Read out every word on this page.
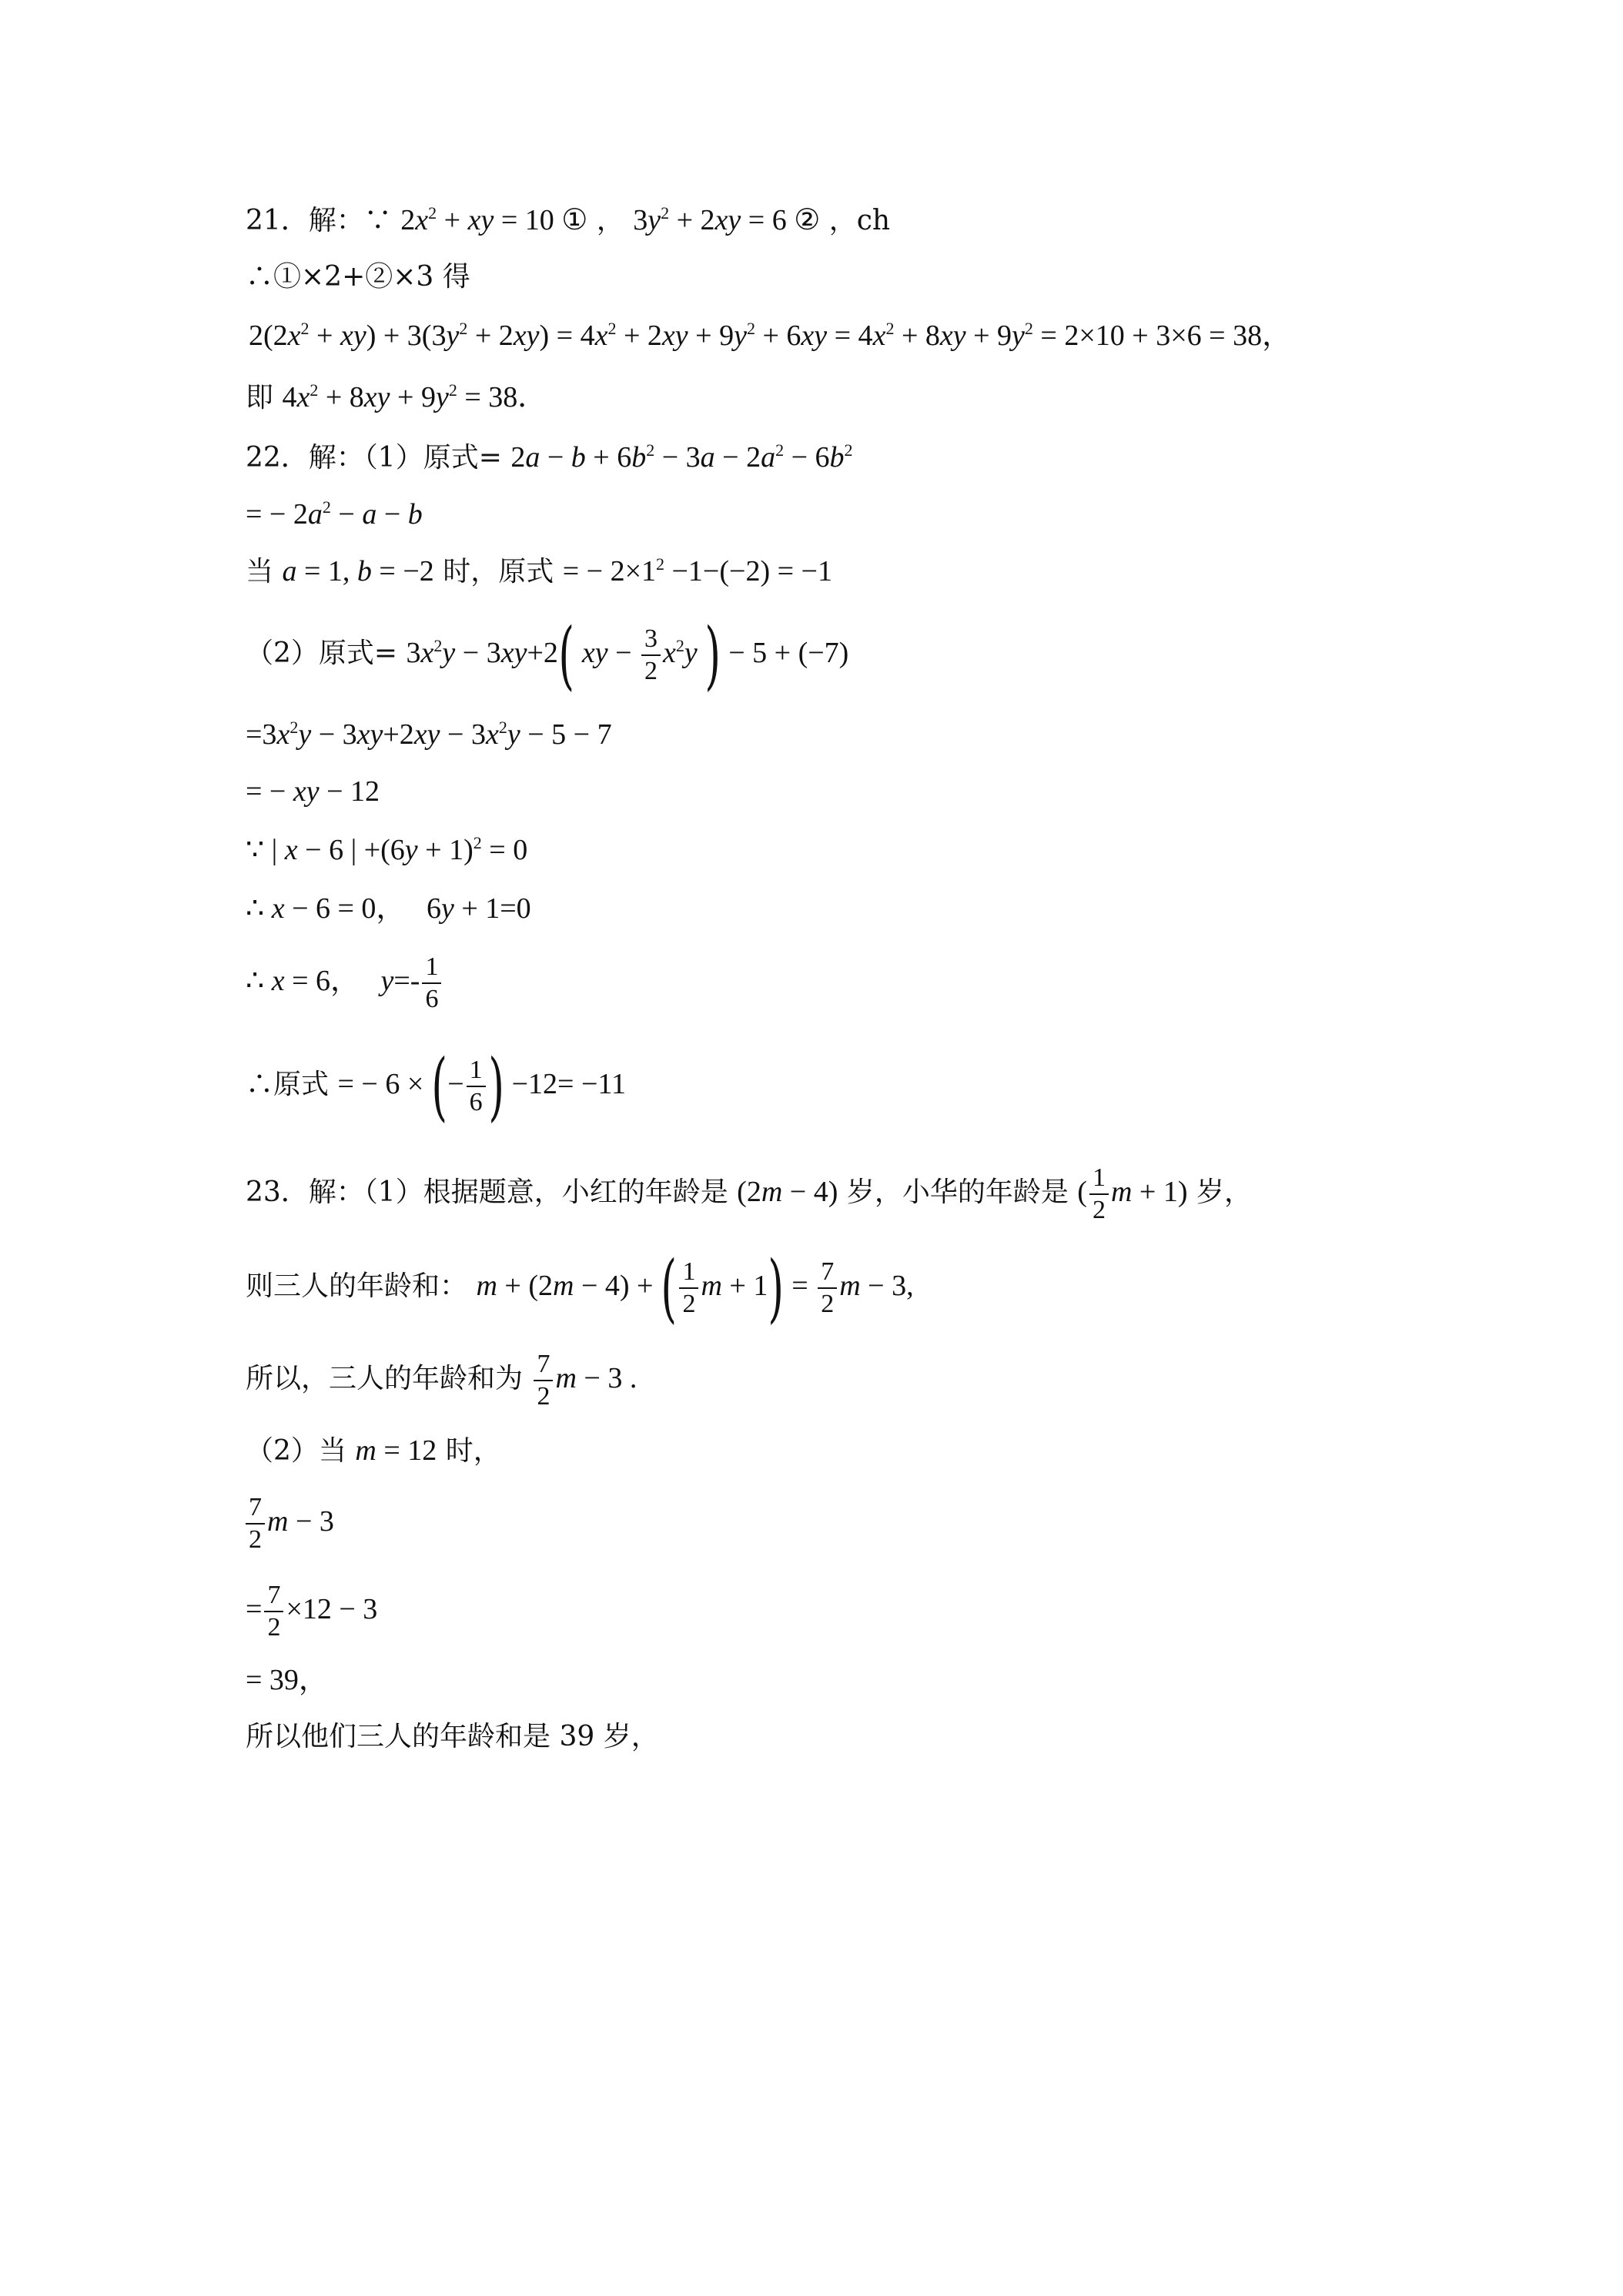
21．解：∵ $2x^2$ + xy = 10 ① ， $3y^2 + 2xy = 6$ ② ，ch
∴①×2+②×3 得
$2(2x^2 + xy) + 3(3y^2 + 2xy) = 4x^2 + 2xy + 9y^2 + 6xy = 4x^2 + 8xy + 9y^2 = 2\times 10 + 3\times 6 = 38$，
即 $4x^2 + 8xy + 9y^2 = 38$．
22．解：（1）原式= $2a - b + 6b^2 - 3a - 2a^2 - 6b^2$
= − $2a^2 - a - b$
当 a = 1, b = −2 时，原式 = − $2\times 1^2 -1-(-2) = -1$
（2）原式= $3x^2y - 3xy+2$( xy − $\frac{3}{2} x^2y$ ) − 5 + (−7)
$=3x^2y - 3xy+2xy - 3x^2y - 5 - 7$
= − xy − 12
∵ | x − 6 | $+(6y + 1)^2 = 0$
∴ x − 6 = 0， 6y + 1=0
∴ x = 6， $y=- \frac{1}{6}$
∴原式 = − 6 × (− $\frac{1}{6}$ ) −12= −11
23．解：（1）根据题意，小红的年龄是 (2m − 4) 岁，小华的年龄是 ( $\frac{1}{2}$ m + 1) 岁，
则三人的年龄和： m + (2m − 4) + ( $\frac{1}{2}$ $m + 1) = \frac{7}{2}$ m − 3,
所以，三人的年龄和为 $\frac{7}{2}$ m − 3 .
（2）当 m = 12 时，
$\frac{7}{2}$ m − 3
= $\frac{7}{2} \times 12 - 3$
= 39，
所以他们三人的年龄和是 39 岁，
